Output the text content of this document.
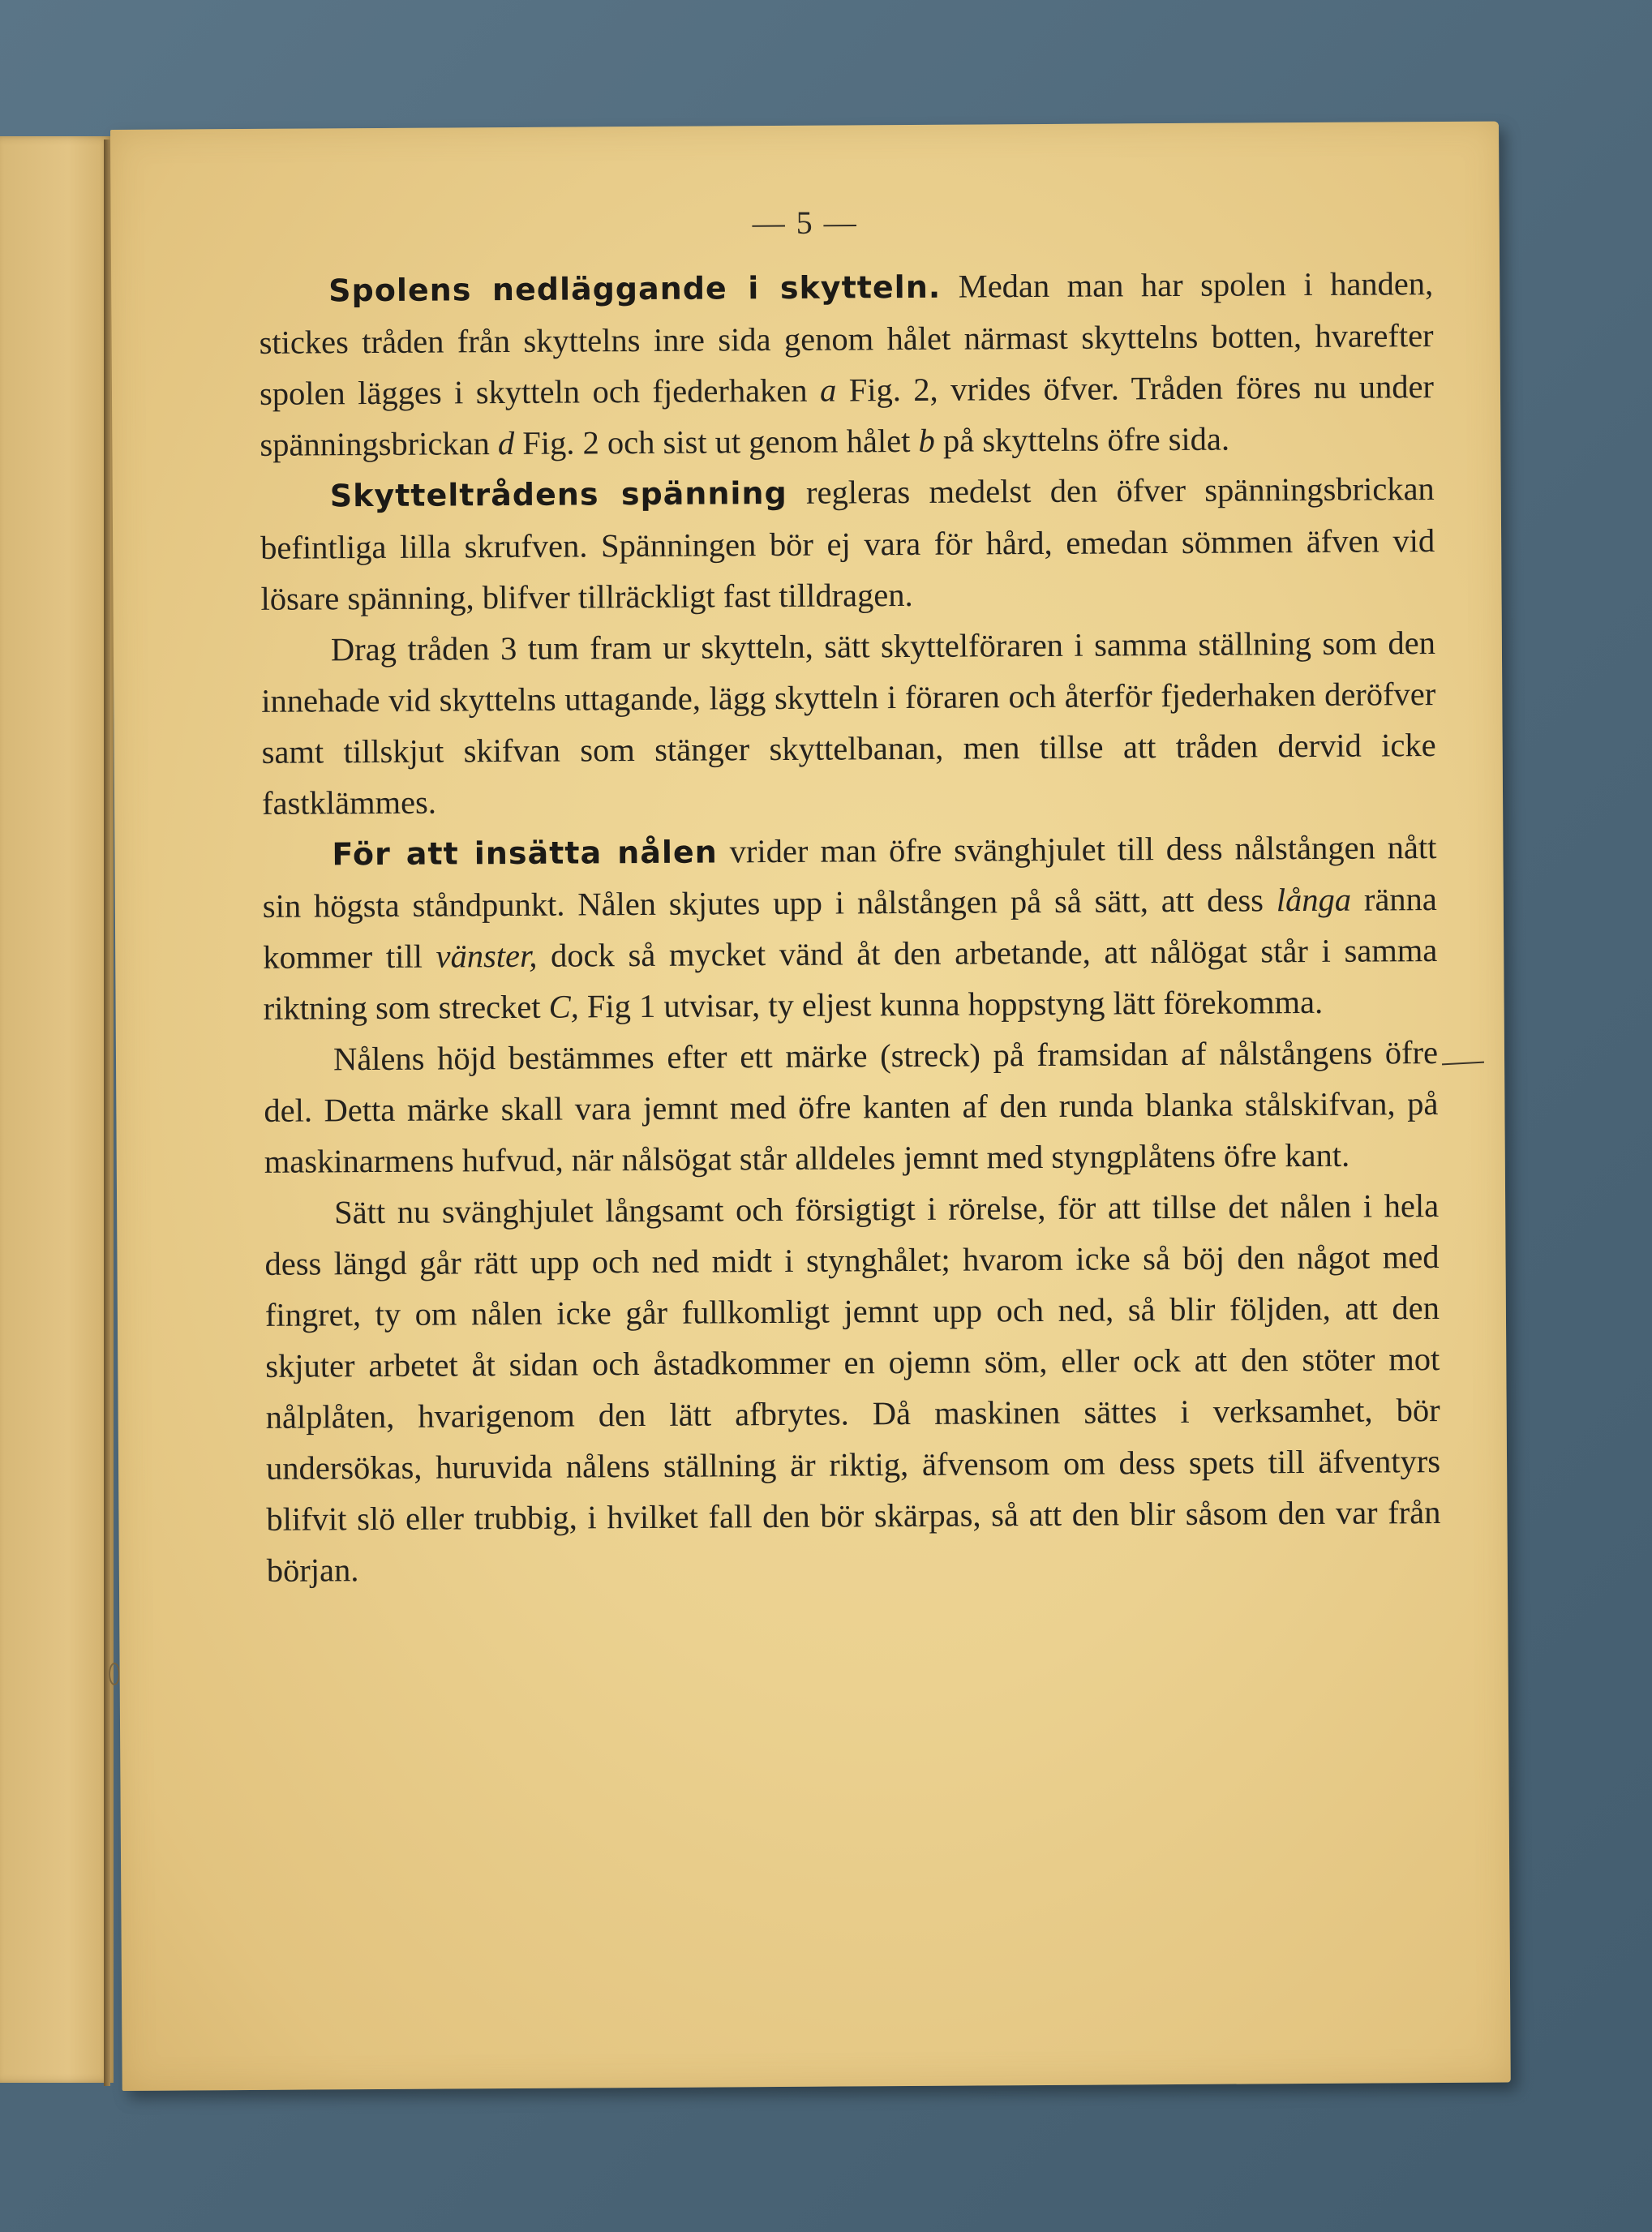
— 5 —

Spolens nedläggande i skytteln. Medan man har spolen i handen, stickes tråden från skyttelns inre sida genom hålet närmast skyttelns botten, hvarefter spolen lägges i skytteln och fjederhaken a Fig. 2, vrides öfver. Tråden föres nu under spänningsbrickan d Fig. 2 och sist ut genom hålet b på skyttelns öfre sida.

Skytteltrådens spänning regleras medelst den öfver spänningsbrickan befintliga lilla skrufven. Spänningen bör ej vara för hård, emedan sömmen äfven vid lösare spänning, blifver tillräckligt fast tilldragen.

Drag tråden 3 tum fram ur skytteln, sätt skyttelföraren i samma ställning som den innehade vid skyttelns uttagande, lägg skytteln i föraren och återför fjederhaken deröfver samt tillskjut skifvan som stänger skyttelbanan, men tillse att tråden dervid icke fastklämmes.

För att insätta nålen vrider man öfre svänghjulet till dess nålstången nått sin högsta ståndpunkt. Nålen skjutes upp i nålstången på så sätt, att dess långa ränna kommer till vänster, dock så mycket vänd åt den arbetande, att nålögat står i samma riktning som strecket C, Fig 1 utvisar, ty eljest kunna hoppstyng lätt förekomma.

Nålens höjd bestämmes efter ett märke (streck) på framsidan af nålstångens öfre del. Detta märke skall vara jemnt med öfre kanten af den runda blanka stålskifvan, på maskinarmens hufvud, när nålsögat står alldeles jemnt med styngplåtens öfre kant.

Sätt nu svänghjulet långsamt och försigtigt i rörelse, för att tillse det nålen i hela dess längd går rätt upp och ned midt i stynghålet; hvarom icke så böj den något med fingret, ty om nålen icke går fullkomligt jemnt upp och ned, så blir följden, att den skjuter arbetet åt sidan och åstadkommer en ojemn söm, eller ock att den stöter mot nålplåten, hvarigenom den lätt afbrytes. Då maskinen sättes i verksamhet, bör undersökas, huruvida nålens ställning är riktig, äfvensom om dess spets till äfventyrs blifvit slö eller trubbig, i hvilket fall den bör skärpas, så att den blir såsom den var från början.
